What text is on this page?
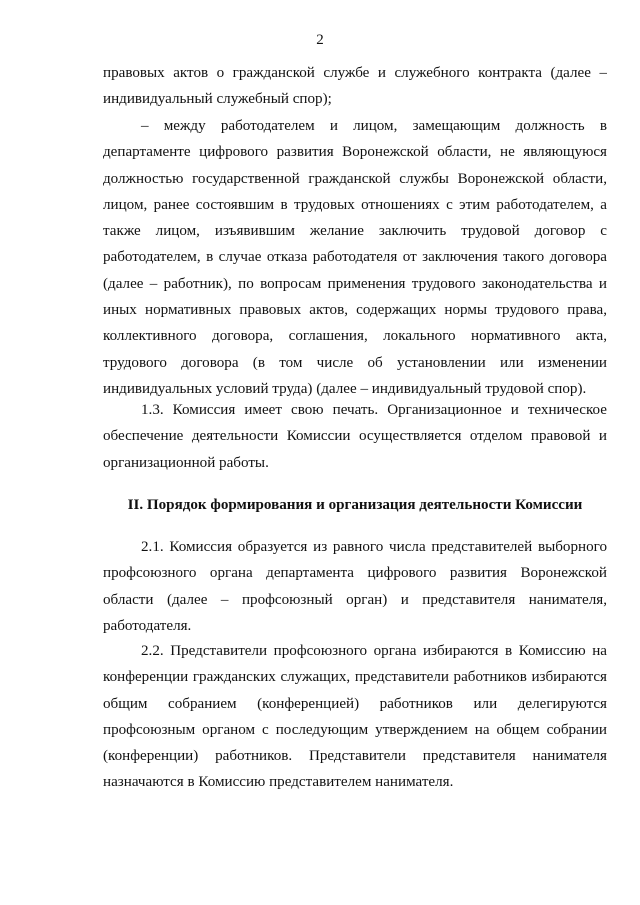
2
правовых актов о гражданской службе и служебного контракта (далее –
индивидуальный служебный спор);
– между работодателем и лицом, замещающим должность в
департаменте цифрового развития Воронежской области, не являющуюся
должностью государственной гражданской службы Воронежской области,
лицом, ранее состоявшим в трудовых отношениях с этим работодателем, а
также лицом, изъявившим желание заключить трудовой договор с
работодателем, в случае отказа работодателя от заключения такого договора
(далее – работник), по вопросам применения трудового законодательства и
иных нормативных правовых актов, содержащих нормы трудового права,
коллективного договора, соглашения, локального нормативного акта,
трудового договора (в том числе об установлении или изменении
индивидуальных условий труда) (далее – индивидуальный трудовой спор).
1.3. Комиссия имеет свою печать. Организационное и техническое
обеспечение деятельности Комиссии осуществляется отделом правовой и
организационной работы.
II. Порядок формирования и организация деятельности Комиссии
2.1. Комиссия образуется из равного числа представителей выборного
профсоюзного органа департамента цифрового развития Воронежской
области (далее – профсоюзный орган) и представителя нанимателя,
работодателя.
2.2. Представители профсоюзного органа избираются в Комиссию на
конференции гражданских служащих, представители работников избираются
общим собранием (конференцией) работников или делегируются
профсоюзным органом с последующим утверждением на общем собрании
(конференции) работников. Представители представителя нанимателя
назначаются в Комиссию представителем нанимателя.
